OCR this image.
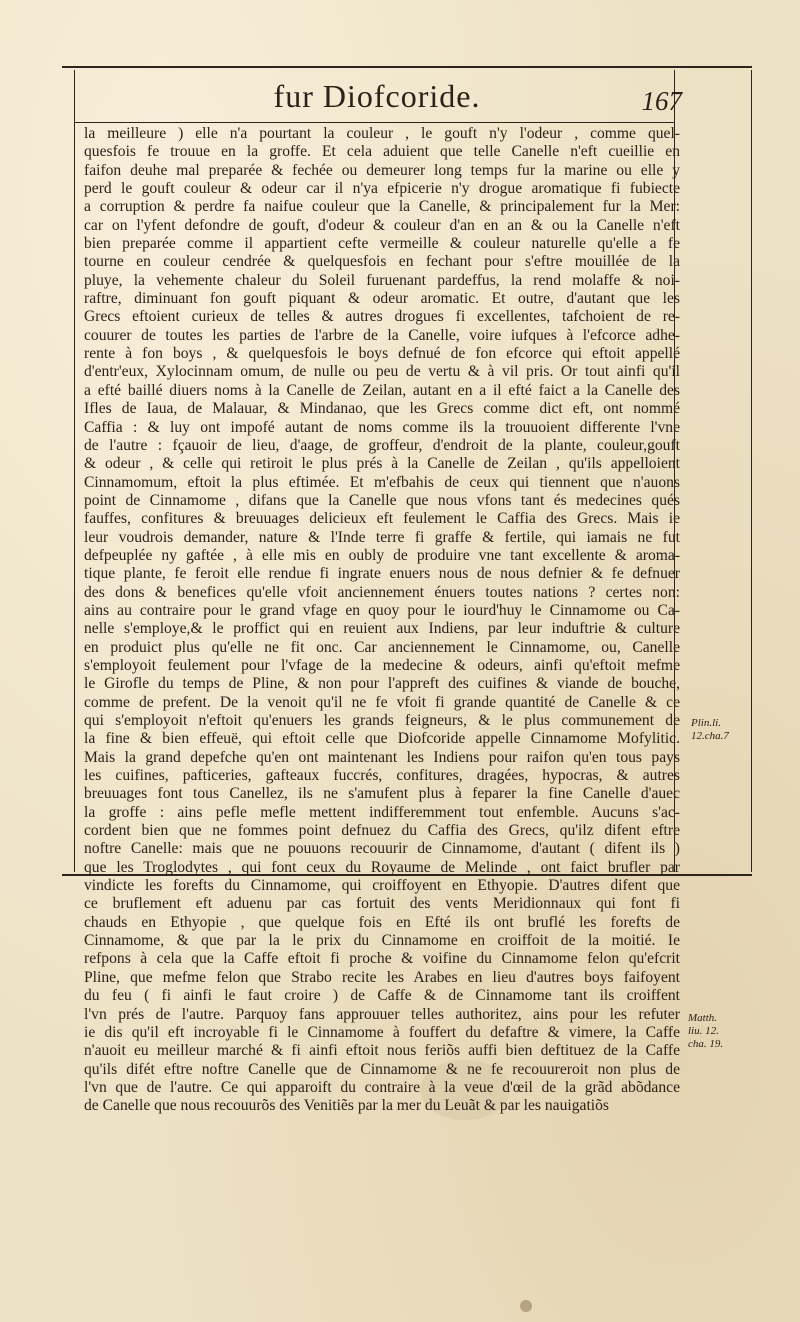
fur Diofcoride.	167
la meilleure ) elle n'a pourtant la couleur , le gouft n'y l'odeur , comme quel-
quesfois fe trouue en la groffe. Et cela aduient que telle Canelle n'eft cueillie en
faifon deuhe mal preparée & fechée ou demeurer long temps fur la marine ou elle y
perd le gouft couleur & odeur car il n'ya efpicerie n'y drogue aromatique fi fubiecte
a corruption & perdre fa naifue couleur que la Canelle, & principalement fur la Mer:
car on l'yfent defondre de gouft, d'odeur & couleur d'an en an & ou la Canelle n'eft
bien preparée comme il appartient cefte vermeille & couleur naturelle qu'elle a fe
tourne en couleur cendrée & quelquesfois en fechant pour s'eftre mouillée de la
pluye, la vehemente chaleur du Soleil furuenant pardeffus, la rend molaffe & noi-
raftre, diminuant fon gouft piquant & odeur aromatic. Et outre, d'autant que les
Grecs eftoient curieux de telles & autres drogues fi excellentes, tafchoient de re-
couurer de toutes les parties de l'arbre de la Canelle, voire iufques à l'efcorce adhe-
rente à fon boys , & quelquesfois le boys defnué de fon efcorce qui eftoit appellé
d'entr'eux, Xylocinnam omum, de nulle ou peu de vertu & à vil pris. Or tout ainfi qu'il
a efté baillé diuers noms à la Canelle de Zeilan, autant en a il efté faict a la Canelle des
Ifles de Iaua, de Malauar, & Mindanao, que les Grecs comme dict eft, ont nommé
Caffia : & luy ont impofé autant de noms comme ils la trouuoient differente l'vne
de l'autre : fçauoir de lieu, d'aage, de groffeur, d'endroit de la plante, couleur,gouft
& odeur , & celle qui retiroit le plus prés à la Canelle de Zeilan , qu'ils appelloient
Cinnamomum, eftoit la plus eftimée. Et m'efbahis de ceux qui tiennent que n'auons
point de Cinnamome , difans que la Canelle que nous vfons tant és medecines qués
fauffes, confitures & breuuages delicieux eft feulement le Caffia des Grecs. Mais ie
leur voudrois demander, nature & l'Inde terre fi graffe & fertile, qui iamais ne fut
defpeuplée ny gaftée , à elle mis en oubly de produire vne tant excellente & aroma-
tique plante, fe feroit elle rendue fi ingrate enuers nous de nous defnier & fe defnuer
des dons & benefices qu'elle vfoit anciennement énuers toutes nations ? certes non:
ains au contraire pour le grand vfage en quoy pour le iourd'huy le Cinnamome ou Ca-
nelle s'employe,& le proffict qui en reuient aux Indiens, par leur induftrie & culture
en produict plus qu'elle ne fit onc. Car anciennement le Cinnamome, ou, Canelle
s'employoit feulement pour l'vfage de la medecine & odeurs, ainfi qu'eftoit mefme
le Girofle du temps de Pline, & non pour l'appreft des cuifines & viande de bouche,
comme de prefent. De la venoit qu'il ne fe vfoit fi grande quantité de Canelle & ce
qui s'employoit n'eftoit qu'enuers les grands feigneurs, & le plus communement de
la fine & bien effeuë, qui eftoit celle que Diofcoride appelle Cinnamome Mofylitic.
Mais la grand depefche qu'en ont maintenant les Indiens pour raifon qu'en tous pays
les cuifines, pafticeries, gafteaux fuccrés, confitures, dragées, hypocras, & autres
breuuages font tous Canellez, ils ne s'amufent plus à feparer la fine Canelle d'auec
la groffe : ains pefle mefle mettent indifferemment tout enfemble. Aucuns s'ac-
cordent bien que ne fommes point defnuez du Caffia des Grecs, qu'ilz difent eftre
noftre Canelle: mais que ne pouuons recouurir de Cinnamome, d'autant ( difent ils )
que les Troglodytes , qui font ceux du Royaume de Melinde , ont faict brufler par
vindicte les forefts du Cinnamome, qui croiffoyent en Ethyopie. D'autres difent que
ce bruflement eft aduenu par cas fortuit des vents Meridionnaux qui font fi
chauds en Ethyopie , que quelque fois en Efté ils ont bruflé les forefts de
Cinnamome, & que par la le prix du Cinnamome en croiffoit de la moitié. Ie
refpons à cela que la Caffe eftoit fi proche & voifine du Cinnamome felon qu'efcrit
Pline, que mefme felon que Strabo recite les Arabes en lieu d'autres boys faifoyent
du feu ( fi ainfi le faut croire ) de Caffe & de Cinnamome tant ils croiffent
l'vn prés de l'autre. Parquoy fans approuuer telles authoritez, ains pour les refuter
ie dis qu'il eft incroyable fi le Cinnamome à fouffert du defaftre & vimere, la Caffe
n'auoit eu meilleur marché & fi ainfi eftoit nous feriõs auffi bien deftituez de la Caffe
qu'ils difét eftre noftre Canelle que de Cinnamome & ne fe recouureroit non plus de
l'vn que de l'autre. Ce qui apparoift du contraire à la veue d'œil de la grãd abõdance
de Canelle que nous recouurõs des Venitiẽs par la mer du Leuãt & par les nauigatiõs
Plin.li.
12.cha.7
Matth.
liu. 12.
cha. 19.
